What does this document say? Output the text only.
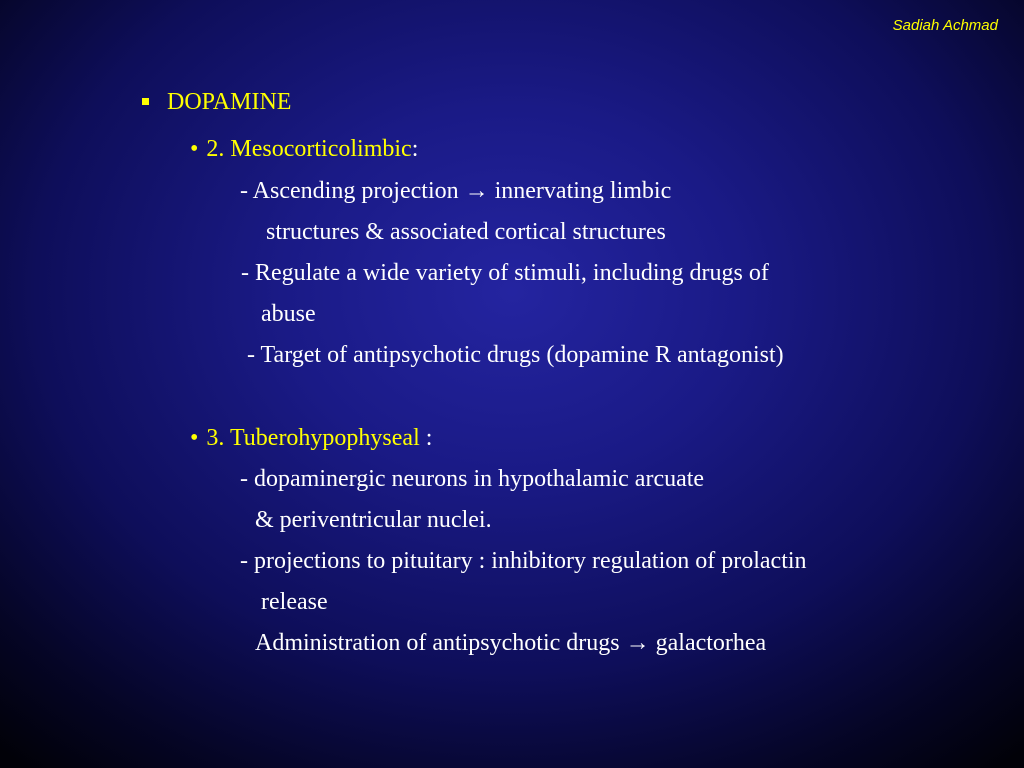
Sadiah Achmad
DOPAMINE
• 2. Mesocorticolimbic:
- Ascending projection → innervating limbic
structures & associated cortical structures
- Regulate a wide variety of stimuli, including drugs of
abuse
- Target of antipsychotic drugs (dopamine R antagonist)
• 3. Tuberohypophyseal :
- dopaminergic neurons in hypothalamic arcuate
& periventricular nuclei.
- projections to pituitary : inhibitory regulation of prolactin
release
Administration of antipsychotic drugs → galactorhea
